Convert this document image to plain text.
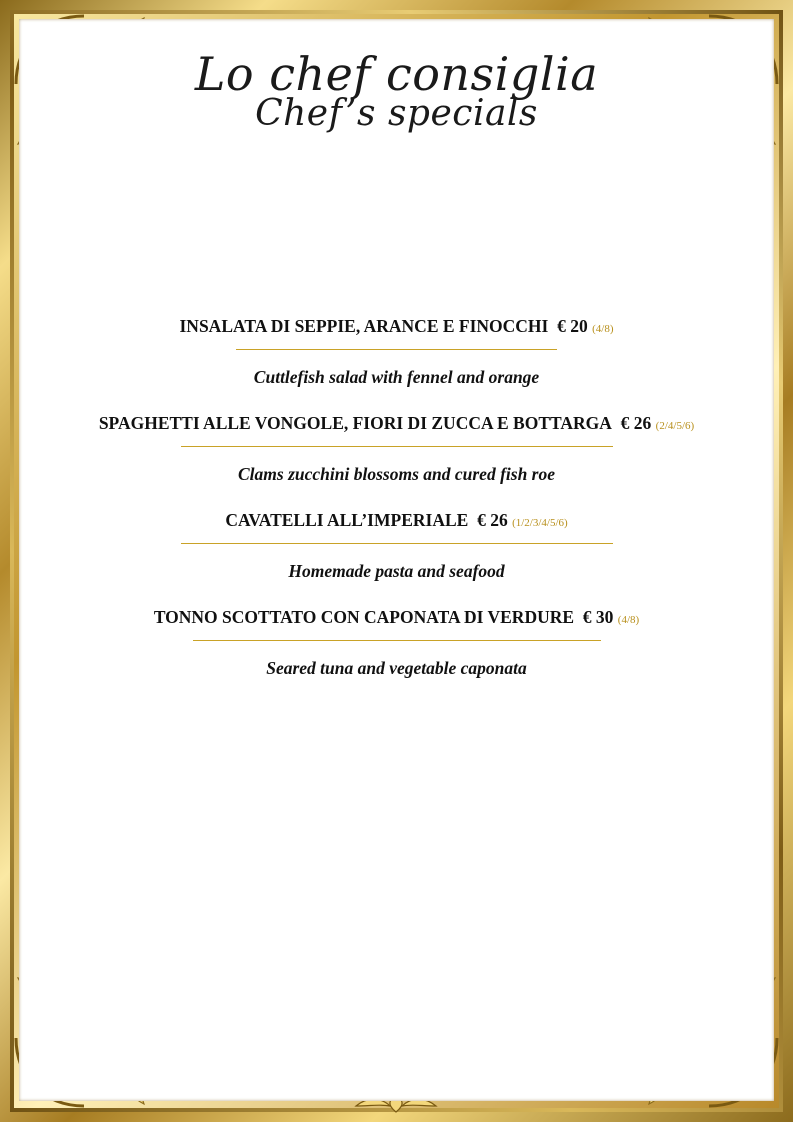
Lo chef consiglia
Chef’s specials
INSALATA DI SEPPIE, ARANCE E FINOCCHI € 20 (4/8)
Cuttlefish salad with fennel and orange
SPAGHETTI ALLE VONGOLE, FIORI DI ZUCCA E BOTTARGA € 26 (2/4/5/6)
Clams zucchini blossoms and cured fish roe
CAVATELLI ALL’IMPERIALE € 26 (1/2/3/4/5/6)
Homemade pasta and seafood
TONNO SCOTTATO CON CAPONATA DI VERDURE € 30 (4/8)
Seared tuna and vegetable caponata
